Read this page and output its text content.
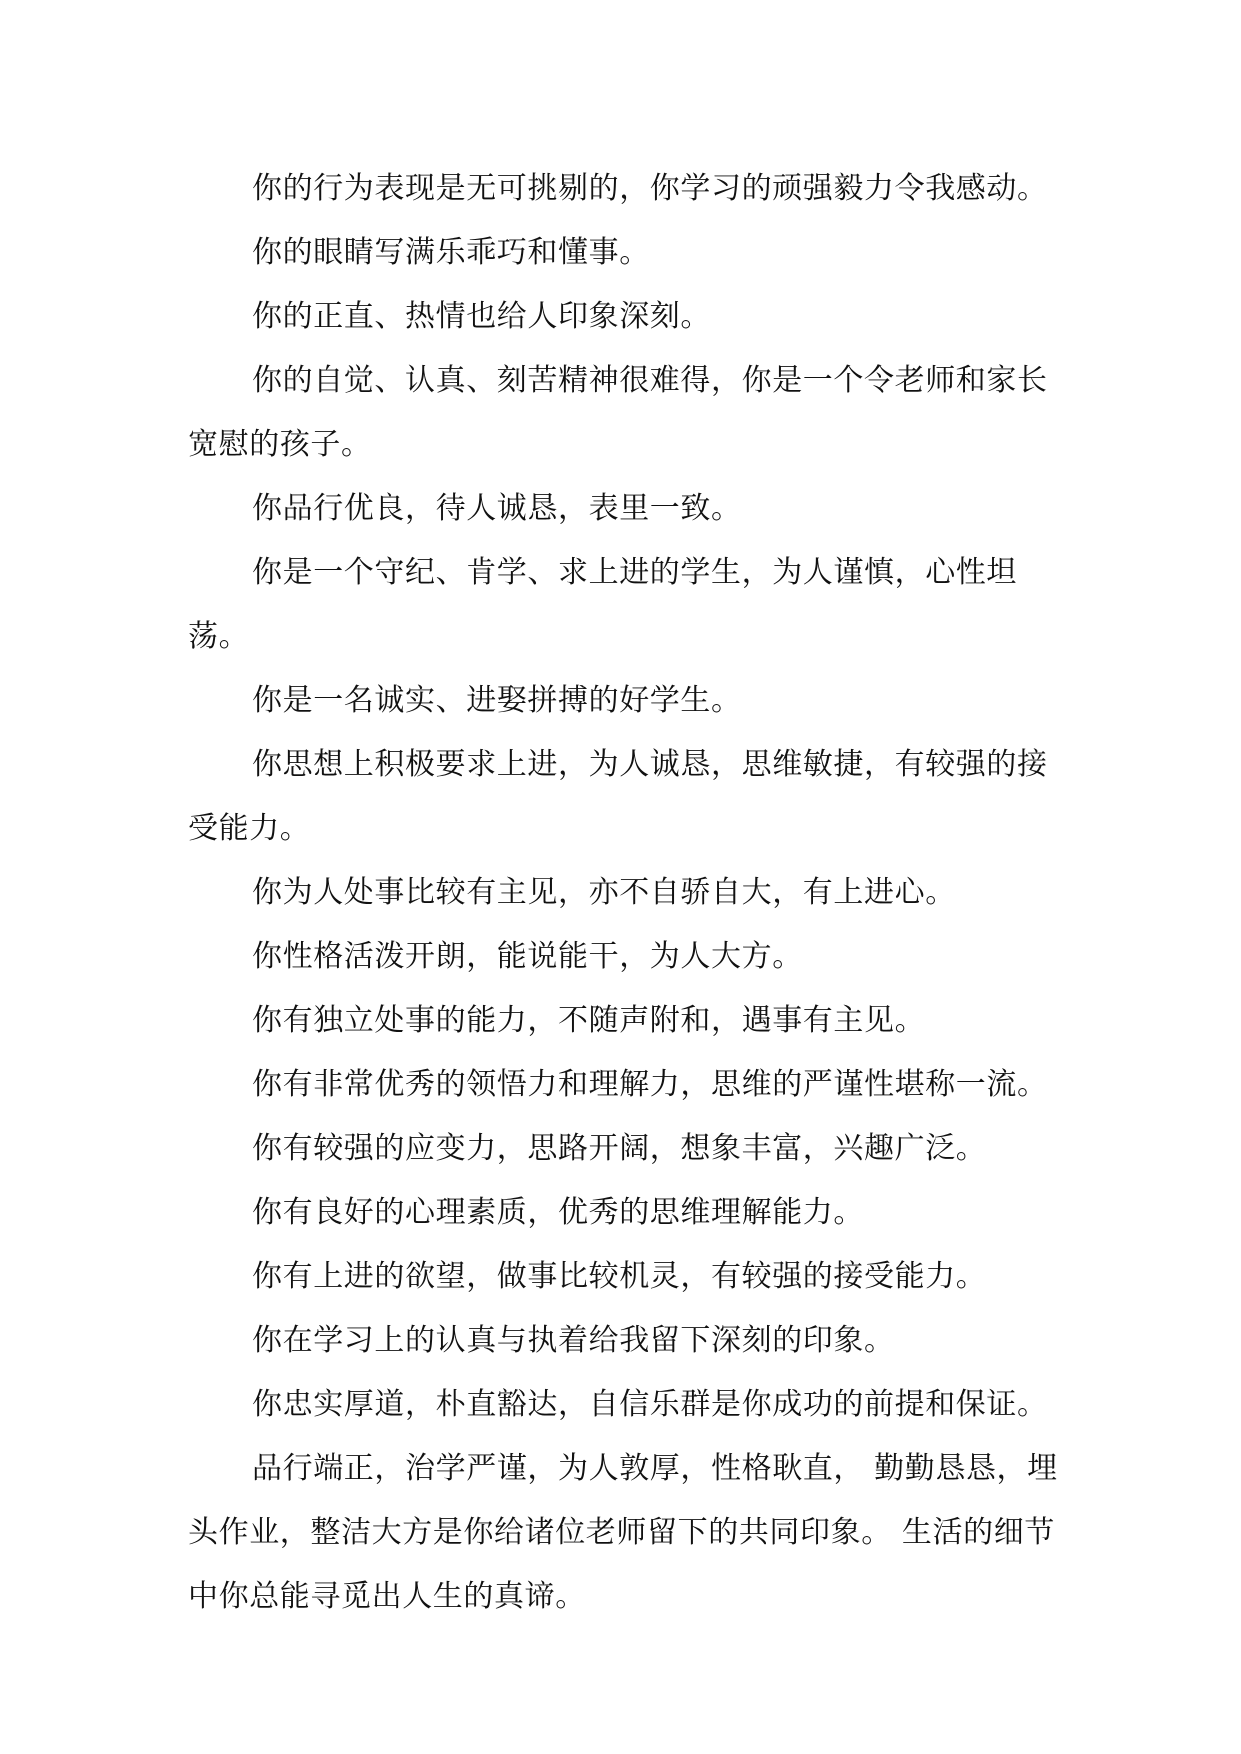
你的行为表现是无可挑剔的，你学习的顽强毅力令我感动。

你的眼睛写满乐乖巧和懂事。

你的正直、热情也给人印象深刻。

你的自觉、认真、刻苦精神很难得，你是一个令老师和家长宽慰的孩子。

你品行优良，待人诚恳，表里一致。

你是一个守纪、肯学、求上进的学生，为人谨慎，心性坦荡。

你是一名诚实、进娶拼搏的好学生。

你思想上积极要求上进，为人诚恳，思维敏捷，有较强的接受能力。

你为人处事比较有主见，亦不自骄自大，有上进心。

你性格活泼开朗，能说能干，为人大方。

你有独立处事的能力，不随声附和，遇事有主见。

你有非常优秀的领悟力和理解力，思维的严谨性堪称一流。

你有较强的应变力，思路开阔，想象丰富，兴趣广泛。

你有良好的心理素质，优秀的思维理解能力。

你有上进的欲望，做事比较机灵，有较强的接受能力。

你在学习上的认真与执着给我留下深刻的印象。

你忠实厚道，朴直豁达，自信乐群是你成功的前提和保证。

品行端正，治学严谨，为人敦厚，性格耿直， 勤勤恳恳，埋头作业，整洁大方是你给诸位老师留下的共同印象。 生活的细节中你总能寻觅出人生的真谛。
